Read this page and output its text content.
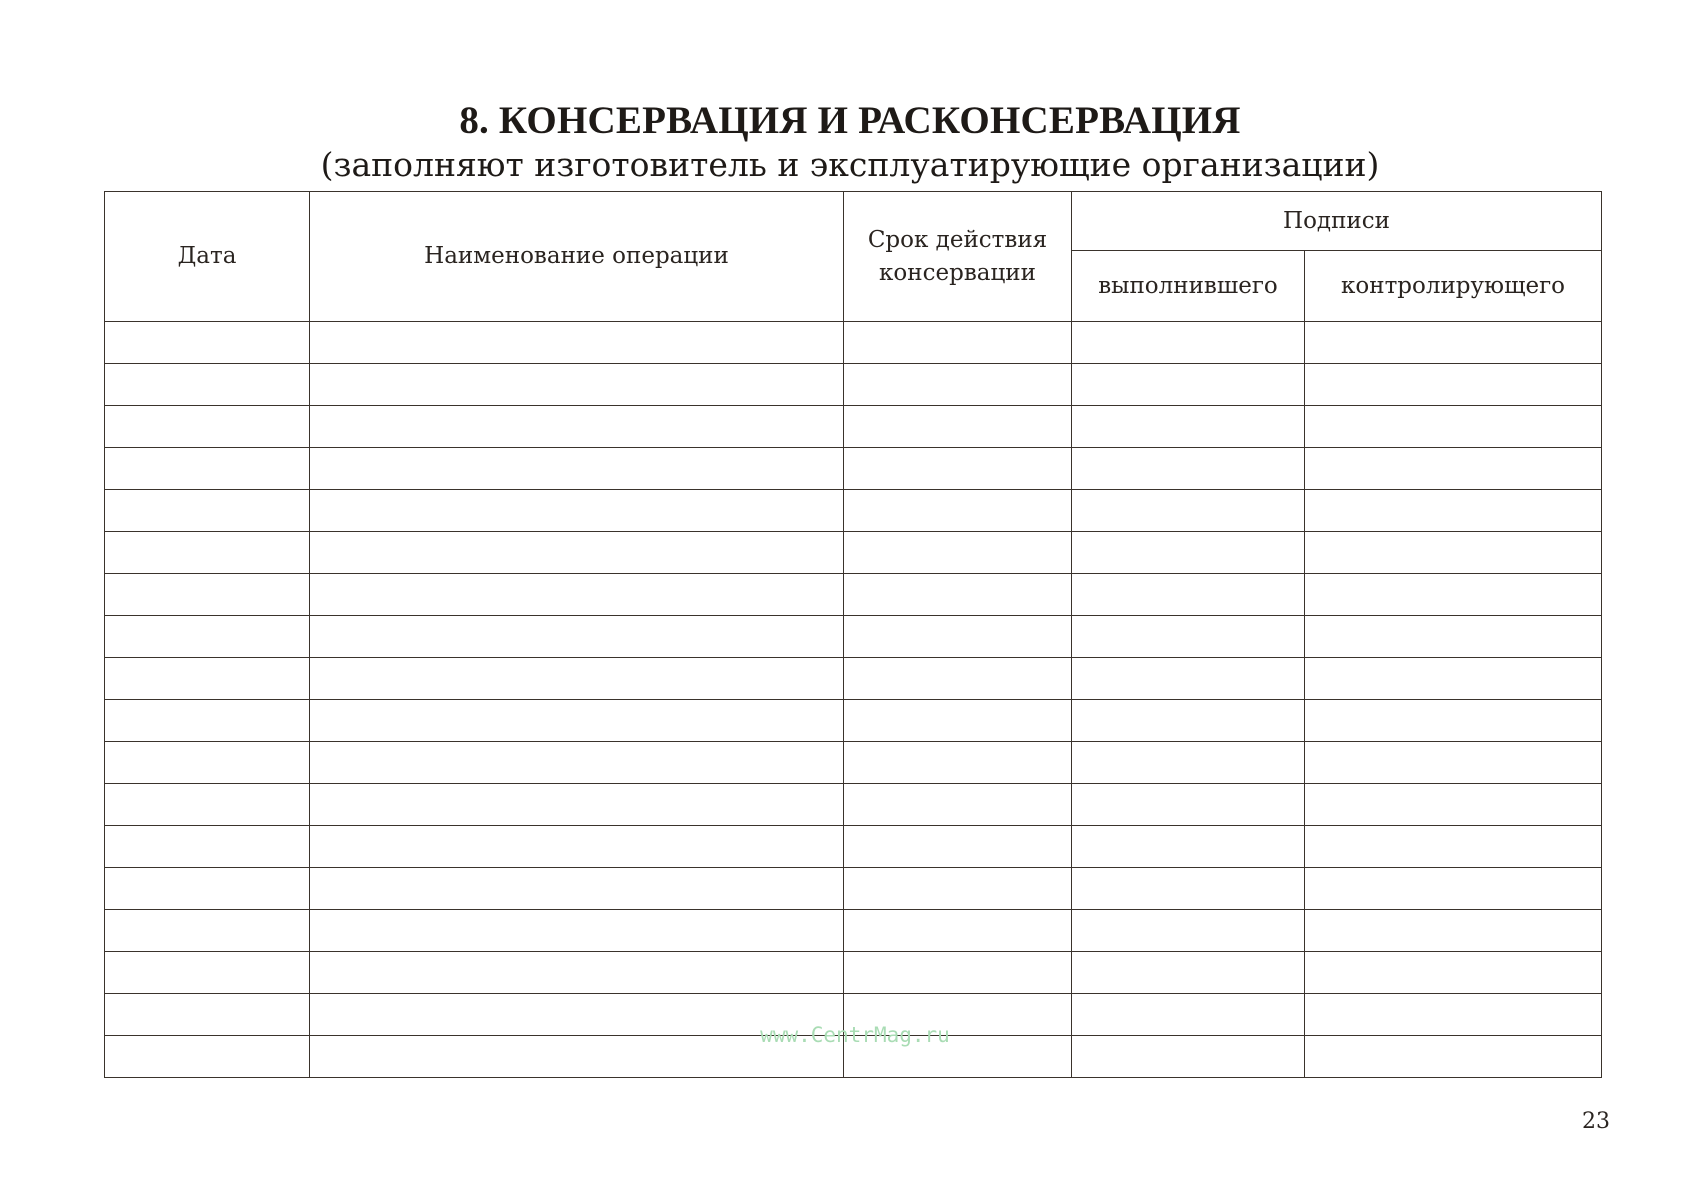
8. КОНСЕРВАЦИЯ И РАСКОНСЕРВАЦИЯ
(заполняют изготовитель и эксплуатирующие организации)
Дата	Наименование операции	Срок действия консервации	Подписи	
			выполнившего	контролирующего

www.CentrMag.ru
23
